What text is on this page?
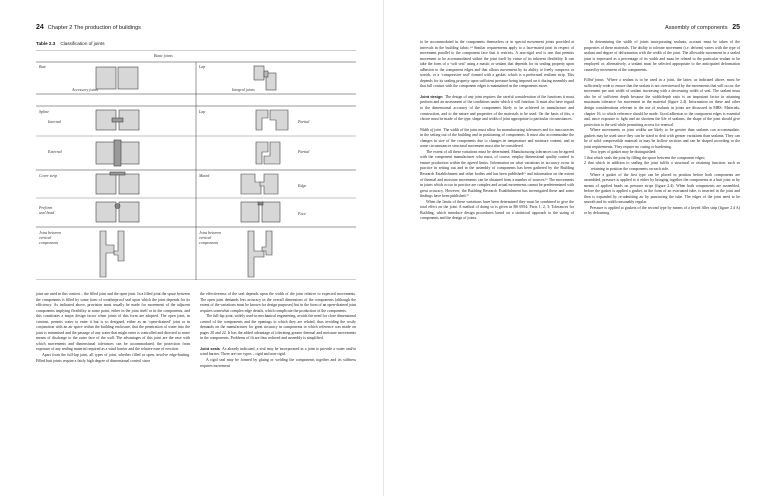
24 Chapter 2 The production of buildings
Table 2.3 Classification of joints
Basic joints
Accessory joints	Integral joints
Butt	Lap
Spline
Internal
External
Lap
Partial
Partial
Cover strip	Mated
Edge
Preform
seal bead	Face
Joint between
vertical
components
Joint between
vertical
components

joint are used in this context – the filled joint and the open joint. In a filled joint the space between the components is filled by some form of weatherproof seal upon which the joint depends for its efficiency. As indicated above, provision must usually be made for movement of the adjacent components implying flexibility at some point, either in the joint itself or in the components, and this constitutes a major design factor when joints of this form are adopted. The open joint, in contrast, permits water to enter it but is so designed, either as an ‘open-drained’ joint or in conjunction with an air space within the building enclosure, that the penetration of water into the joint is minimised and the passage of any water that might enter is controlled and directed to some means of discharge to the outer face of the wall. The advantages of this joint are the ease with which movements and dimensional tolerances can be accommodated, the protection from exposure of any sealing material required as a wind barrier and the relative ease of erection.

Apart from the full-lap joint, all types of joint, whether filled or open, involve edge-butting. Filled butt joints require a fairly high degree of dimensional control since

the effectiveness of the seal depends upon the width of the joint relative to expected movements. The open joint demands less accuracy in the overall dimensions of the components (although the extent of the variations must be known for design purposes) but in the form of an open-drained joint requires somewhat complex edge details, which complicate the production of the components.

The full-lap joint, widely used in mechanical engineering, avoids the need for close dimensional control of the components and the openings to which they are related, thus avoiding the costly demands on the manufacturer for great accuracy in components to which reference was made on pages 20 and 22. It has the added advantage of tolerating greater thermal and moisture movements in the components. Problems of fit are thus reduced and assembly is simplified.

Joint seals As already indicated, a seal may be incorporated in a joint to provide a water and/or wind barrier. There are two types – rigid and non-rigid.

A rigid seal may be formed by gluing or welding the components together and its stiffness requires movement

Assembly of components 25

to be accommodated in the components themselves or in special movement joints provided at intervals in the building fabric.¹⁴ Similar requirements apply to a face-mated joint in respect of movement parallel to the component face that it restricts. A non-rigid seal is one that permits movement to be accommodated within the joint itself by virtue of its inherent flexibility. It can take the form of a ‘soft seal’ using a mastic or sealant that depends for its sealing property upon adhesion to the component edges and that allows movement by its ability to freely compress or stretch, or a ‘compressive seal’ formed with a gasket, which is a preformed resilient strip. This depends for its sealing property upon sufficient pressure being imposed on it during assembly and that full contact with the component edges is maintained as the components move.

Joint design The design of any joint requires the careful consideration of the functions it must perform and an assessment of the conditions under which it will function. It must also have regard to the dimensional accuracy of the components likely to be achieved in manufacture and construction, and to the nature and properties of the materials to be used. On the basis of this, a choice must be made of the type, shape and width of joint appropriate to particular circumstances.

Width of joint The width of the joint must allow for manufacturing tolerances and for inaccuracies in the setting out of the building and in positioning of components. It must also accommodate the changes in size of the components due to changes in temperature and moisture content, and in some circumstances structural movement must also be considered.

The extent of all these variations must be determined. Manufacturing tolerances can be agreed with the component manufacturer who must, of course, employ dimensional quality control to ensure production within the agreed limits. Information on what variations in accuracy occur in practice in setting out and in the assembly of components has been gathered by the Building Research Establishment and other bodies and has been published¹⁵ and information on the extent of thermal and moisture movements can be obtained from a number of sources.¹⁶ The movements in joints which occur in practice are complex and actual movements cannot be predetermined with great accuracy. However, the Building Research Establishment has investigated these and some findings have been published.¹⁷

When the limits of these variations have been determined they must be combined to give the total effect on the joint. A method of doing so is given in BS 6954: Parts 1, 2, 3: Tolerances for Building, which introduce design procedures based on a statistical approach to the sizing of components and the design of joints.

In determining the width of joints incorporating sealants, account must be taken of the properties of these materials. The ability to tolerate movement (i.e. deform) varies with the type of sealant and degree of deformation with the width of the joint. The allowable movement in a sealed joint is expressed as a percentage of its width and must be related to the particular sealant to be employed or, alternatively, a sealant must be selected appropriate to the anticipated deformation caused by movement of the components.

Filled joints Where a sealant is to be used in a joint, the latter, as indicated above, must be sufficiently wide to ensure that the sealant is not overstressed by the movements that will occur: the movement per unit width of sealant increasing with a decreasing width of seal. The sealant must also be of sufficient depth because the width/depth ratio is an important factor in attaining maximum tolerance for movement in the material (figure 2.4). Information on these and other design considerations relevant to the use of sealants in joints are discussed in MBS: Materials, chapter 16, to which reference should be made. Good adhesion to the component edges is essential and, since exposure to light and air shortens the life of sealants, the shape of the joint should give protection to the seal while permitting access for renewal.

Where movements or joint widths are likely to be greater than sealants can accommodate, gaskets may be used since they can be sized to deal with greater variations than sealants. They can be of solid compressible material or may be hollow sections and can be shaped according to the joint requirements. They require no curing or hardening.

Two types of gasket may be distinguished:

1 that which seals the joint by filling the space between the component edges;
2 that which in addition to sealing the joint fulfils a structural or retaining function, such as retaining in position the components on each side.

Where a gasket of the first type can be placed in position before both components are assembled, pressure is applied to it either by bringing together the components at a butt joint or by means of applied beads on pressure strips (figure 2.4). When both components are assembled, before the gasket is applied a gasket, in the form of an evacuated tube, is inserted in the joint and then is expanded by re-admitting air by puncturing the tube. The edges of the joint need to be smooth and its width reasonably regular.

Pressure is applied to gaskets of the second type by means of a keyed filler strip (figure 2.4 A) or by deforming
